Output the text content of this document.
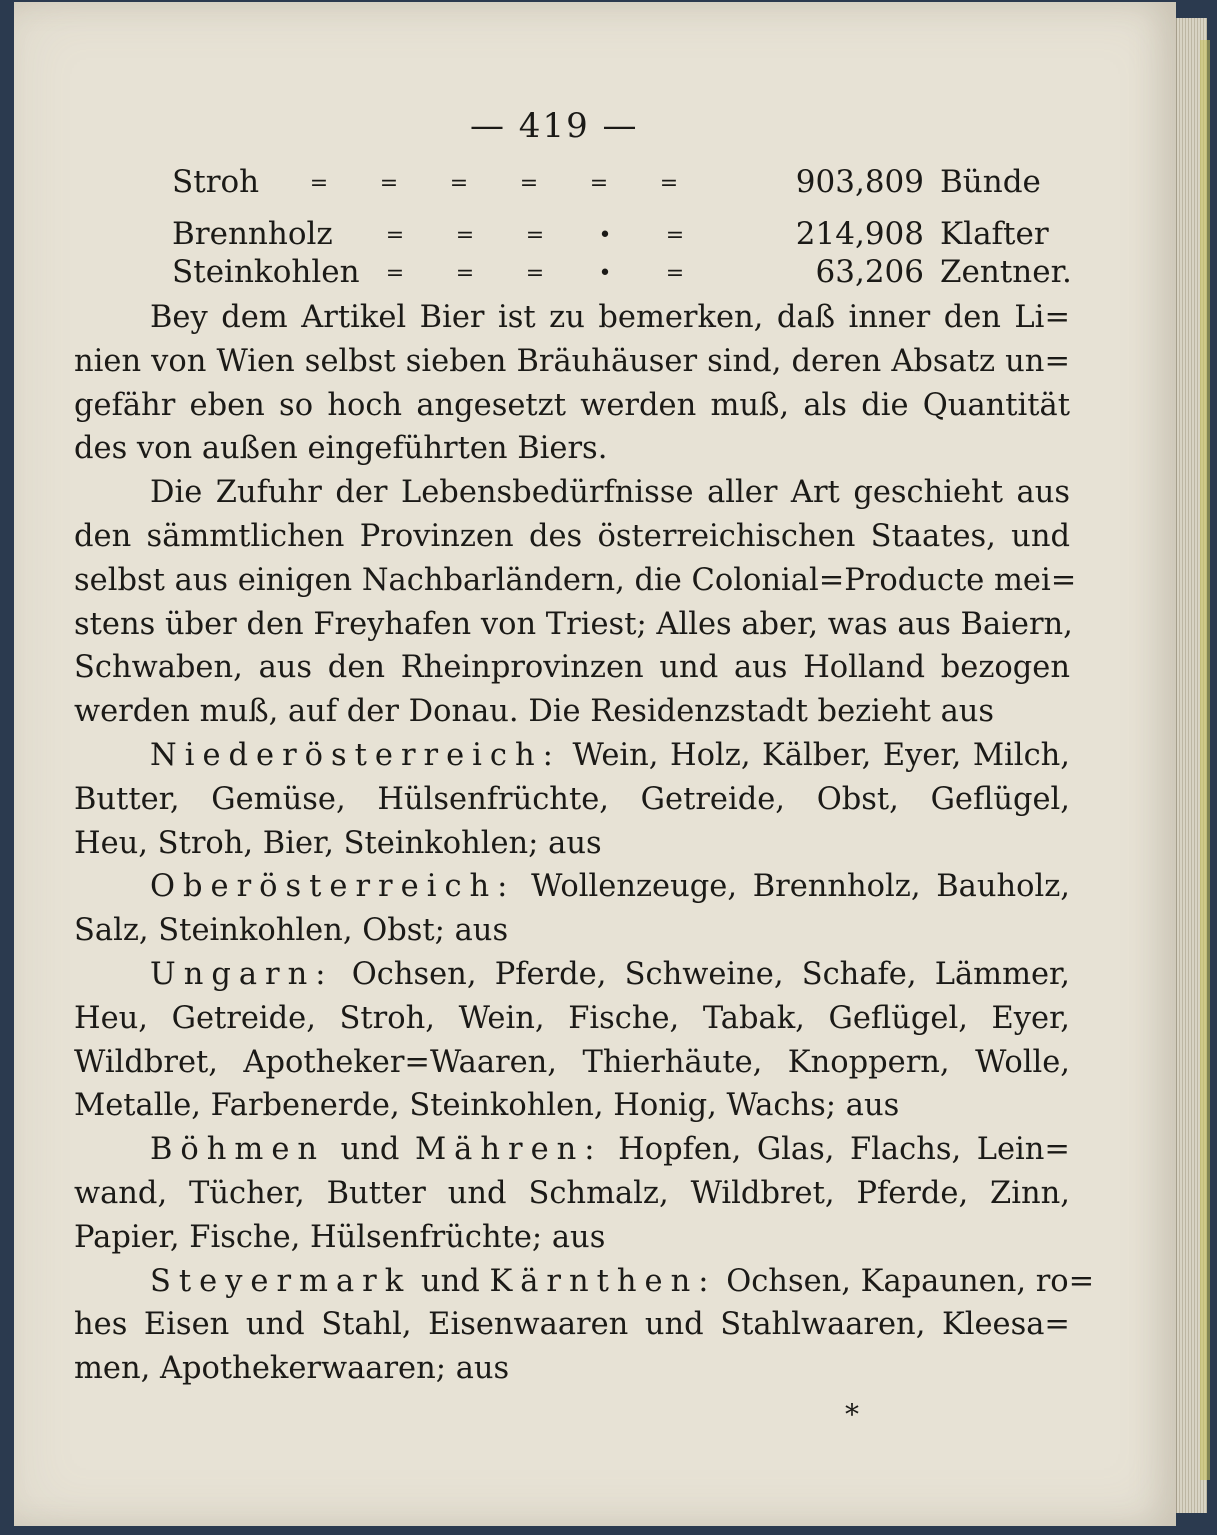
— 419 —
Stroh	= = = = = =	903,809 Bünde
Brennholz	= = = • =	214,908 Klafter
Steinkohlen	= = = • =	63,206 Zentner.
Bey dem Artikel Bier ist zu bemerken, daß inner den Li=
nien von Wien selbst sieben Bräuhäuser sind, deren Absatz un=
gefähr eben so hoch angesetzt werden muß, als die Quantität
des von außen eingeführten Biers.
Die Zufuhr der Lebensbedürfnisse aller Art geschieht aus
den sämmtlichen Provinzen des österreichischen Staates, und
selbst aus einigen Nachbarländern, die Colonial=Producte mei=
stens über den Freyhafen von Triest; Alles aber, was aus Baiern,
Schwaben, aus den Rheinprovinzen und aus Holland bezogen
werden muß, auf der Donau. Die Residenzstadt bezieht aus
Niederösterreich: Wein, Holz, Kälber, Eyer, Milch,
Butter, Gemüse, Hülsenfrüchte, Getreide, Obst, Geflügel,
Heu, Stroh, Bier, Steinkohlen; aus
Oberösterreich: Wollenzeuge, Brennholz, Bauholz,
Salz, Steinkohlen, Obst; aus
Ungarn: Ochsen, Pferde, Schweine, Schafe, Lämmer,
Heu, Getreide, Stroh, Wein, Fische, Tabak, Geflügel, Eyer,
Wildbret, Apotheker=Waaren, Thierhäute, Knoppern, Wolle,
Metalle, Farbenerde, Steinkohlen, Honig, Wachs; aus
Böhmen und Mähren: Hopfen, Glas, Flachs, Lein=
wand, Tücher, Butter und Schmalz, Wildbret, Pferde, Zinn,
Papier, Fische, Hülsenfrüchte; aus
Steyermark und Kärnthen: Ochsen, Kapaunen, ro=
hes Eisen und Stahl, Eisenwaaren und Stahlwaaren, Kleesa=
men, Apothekerwaaren; aus
*
